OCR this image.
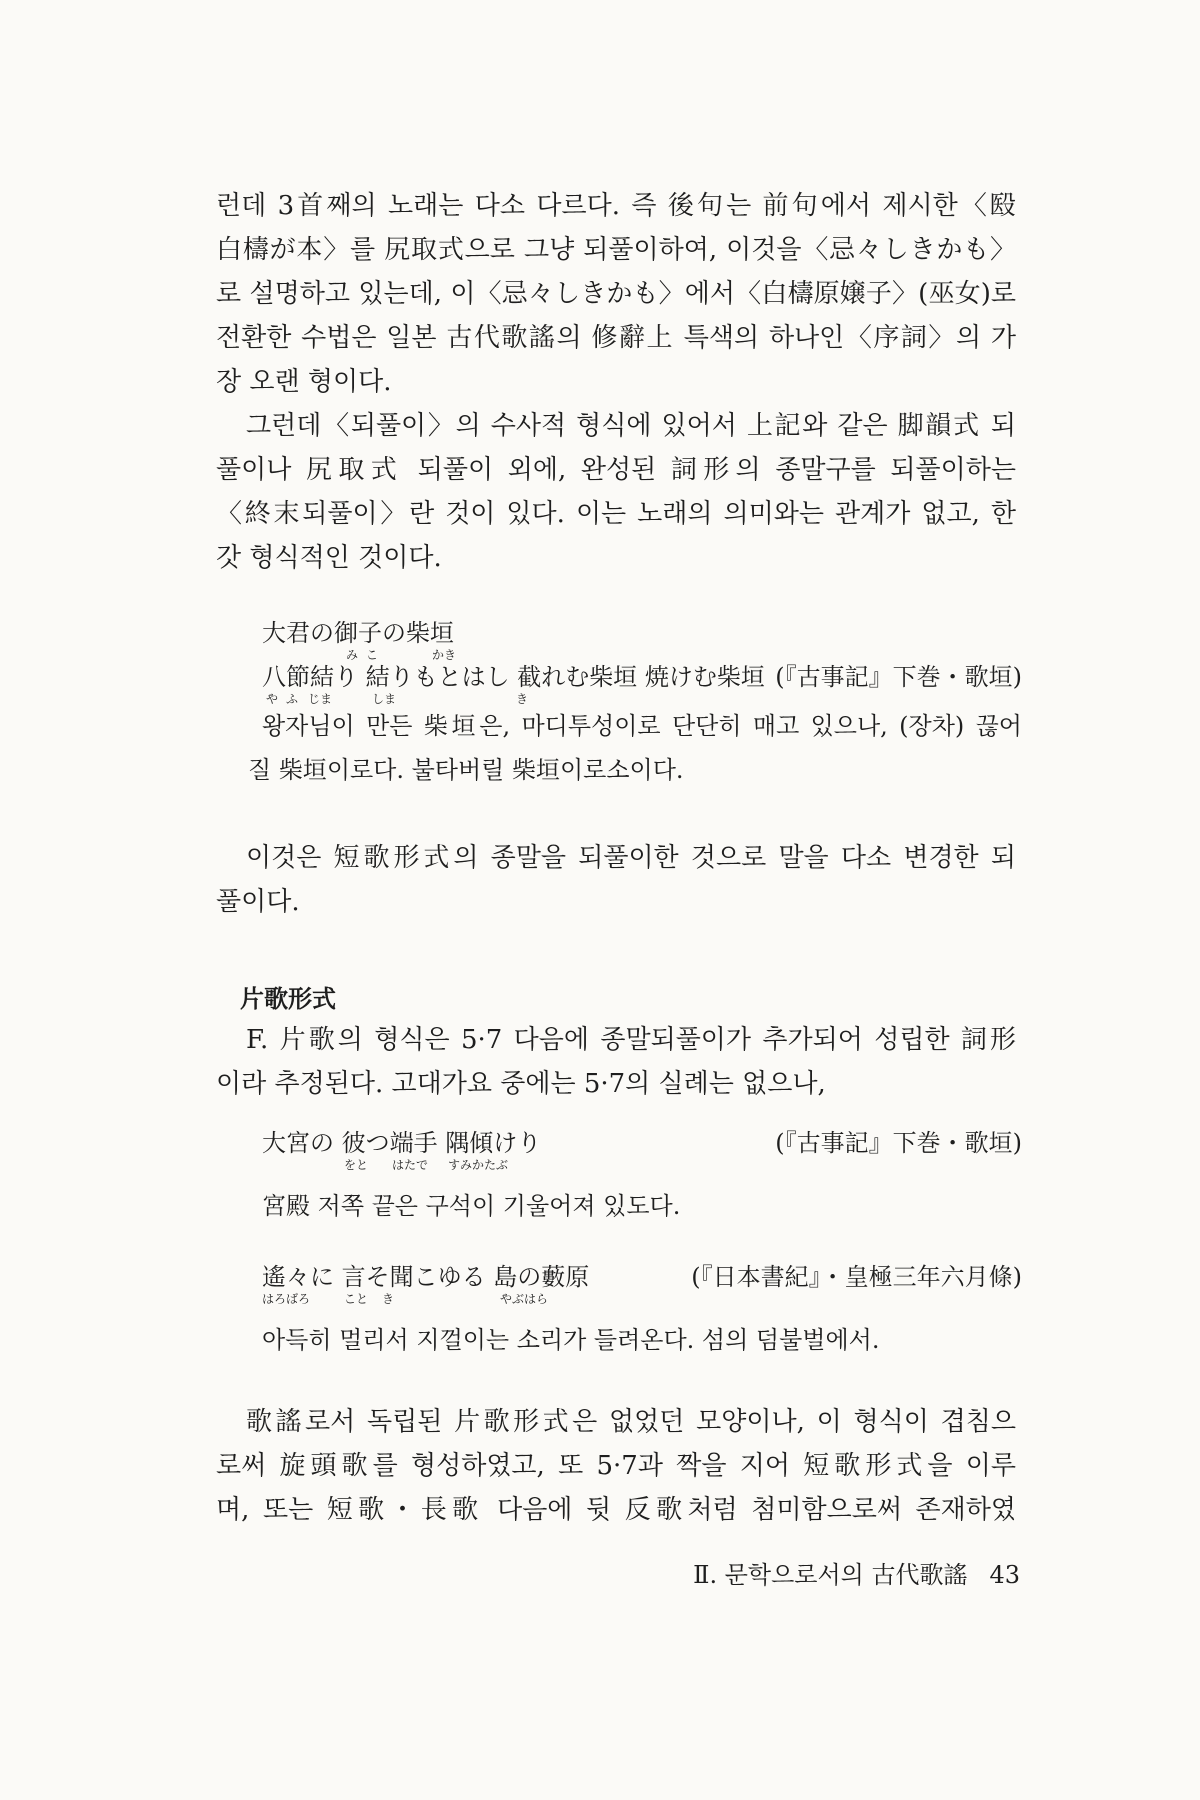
런데 3首째의 노래는 다소 다르다. 즉 後句는 前句에서 제시한〈殹
白檮が本〉를 尻取式으로 그냥 되풀이하여, 이것을〈忌々しきかも〉
로 설명하고 있는데, 이〈忌々しきかも〉에서〈白檮原嬢子〉(巫女)로
전환한 수법은 일본 古代歌謠의 修辭上 특색의 하나인〈序詞〉의 가
장 오랜 형이다.
그런데〈되풀이〉의 수사적 형식에 있어서 上記와 같은 脚韻式 되
풀이나 尻取式 되풀이 외에, 완성된 詞形의 종말구를 되풀이하는
〈終末되풀이〉란 것이 있다. 이는 노래의 의미와는 관계가 없고, 한
갓 형식적인 것이다.
大君の御子の柴垣
み こ	かき
八節結り 結りもとはし 截れむ柴垣 焼けむ柴垣 (『古事記』下巻・歌垣)
や ふ じま	しま	き
왕자님이 만든 柴垣은, 마디투성이로 단단히 매고 있으나, (장차) 끊어
질 柴垣이로다. 불타버릴 柴垣이로소이다.
이것은 短歌形式의 종말을 되풀이한 것으로 말을 다소 변경한 되
풀이다.
片歌形式
F. 片歌의 형식은 5·7 다음에 종말되풀이가 추가되어 성립한 詞形
이라 추정된다. 고대가요 중에는 5·7의 실례는 없으나,
大宮の 彼つ端手 隅傾けり	(『古事記』下巻・歌垣)
をと はたで すみかたぶ
宮殿 저쪽 끝은 구석이 기울어져 있도다.
遙々に 言そ聞こゆる 島の藪原	(『日本書紀』・皇極三年六月條)
はろばろ	こと き	やぶはら
아득히 멀리서 지껄이는 소리가 들려온다. 섬의 덤불벌에서.
歌謠로서 독립된 片歌形式은 없었던 모양이나, 이 형식이 겹침으
로써 旋頭歌를 형성하였고, 또 5·7과 짝을 지어 短歌形式을 이루
며, 또는 短歌・長歌 다음에 뒷 反歌처럼 첨미함으로써 존재하였
Ⅱ. 문학으로서의 古代歌謠 43
